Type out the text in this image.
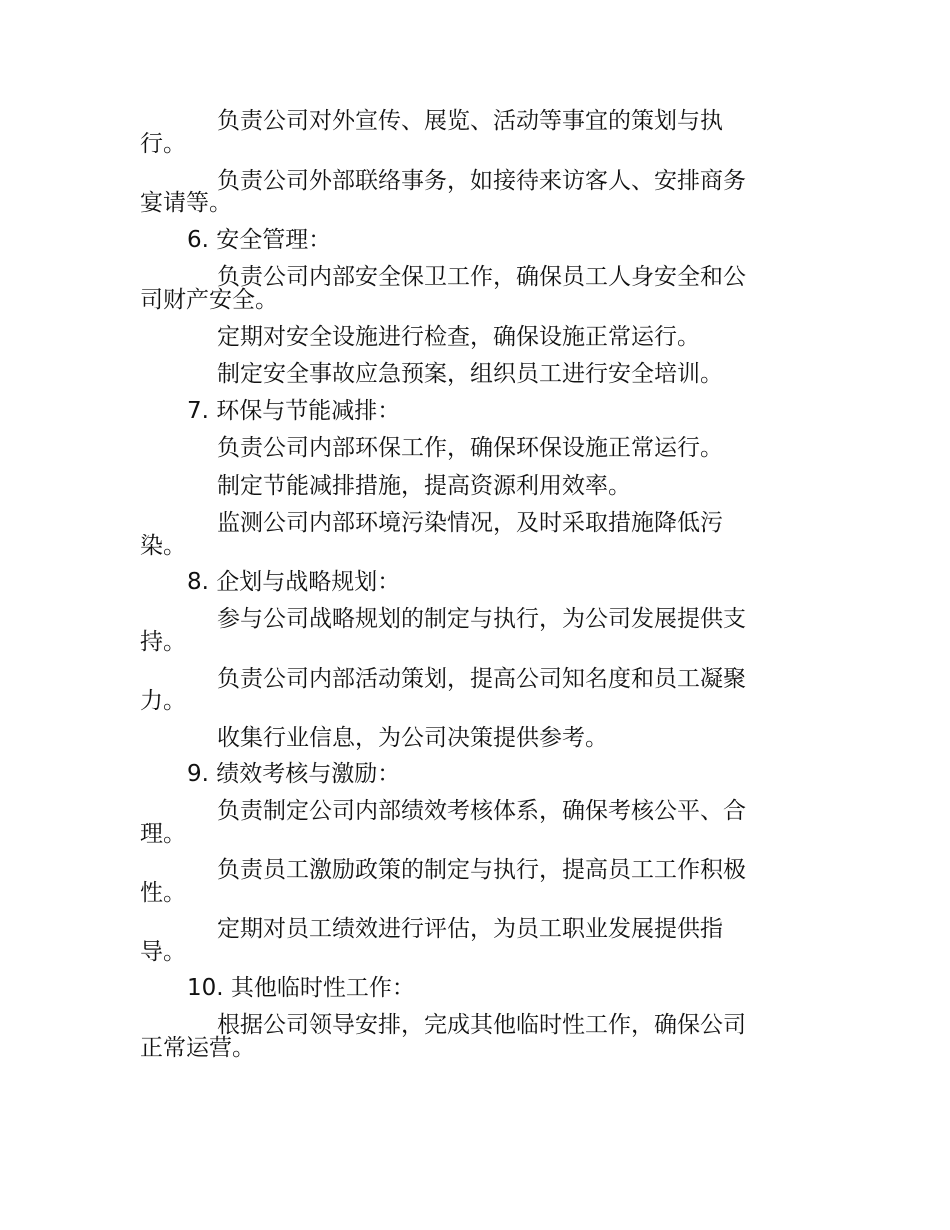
负责公司对外宣传、展览、活动等事宜的策划与执
行。
负责公司外部联络事务，如接待来访客人、安排商务
宴请等。
6. 安全管理：
负责公司内部安全保卫工作，确保员工人身安全和公
司财产安全。
定期对安全设施进行检查，确保设施正常运行。
制定安全事故应急预案，组织员工进行安全培训。
7. 环保与节能减排：
负责公司内部环保工作，确保环保设施正常运行。
制定节能减排措施，提高资源利用效率。
监测公司内部环境污染情况，及时采取措施降低污
染。
8. 企划与战略规划：
参与公司战略规划的制定与执行，为公司发展提供支
持。
负责公司内部活动策划，提高公司知名度和员工凝聚
力。
收集行业信息，为公司决策提供参考。
9. 绩效考核与激励：
负责制定公司内部绩效考核体系，确保考核公平、合
理。
负责员工激励政策的制定与执行，提高员工工作积极
性。
定期对员工绩效进行评估，为员工职业发展提供指
导。
10. 其他临时性工作：
根据公司领导安排，完成其他临时性工作，确保公司
正常运营。
